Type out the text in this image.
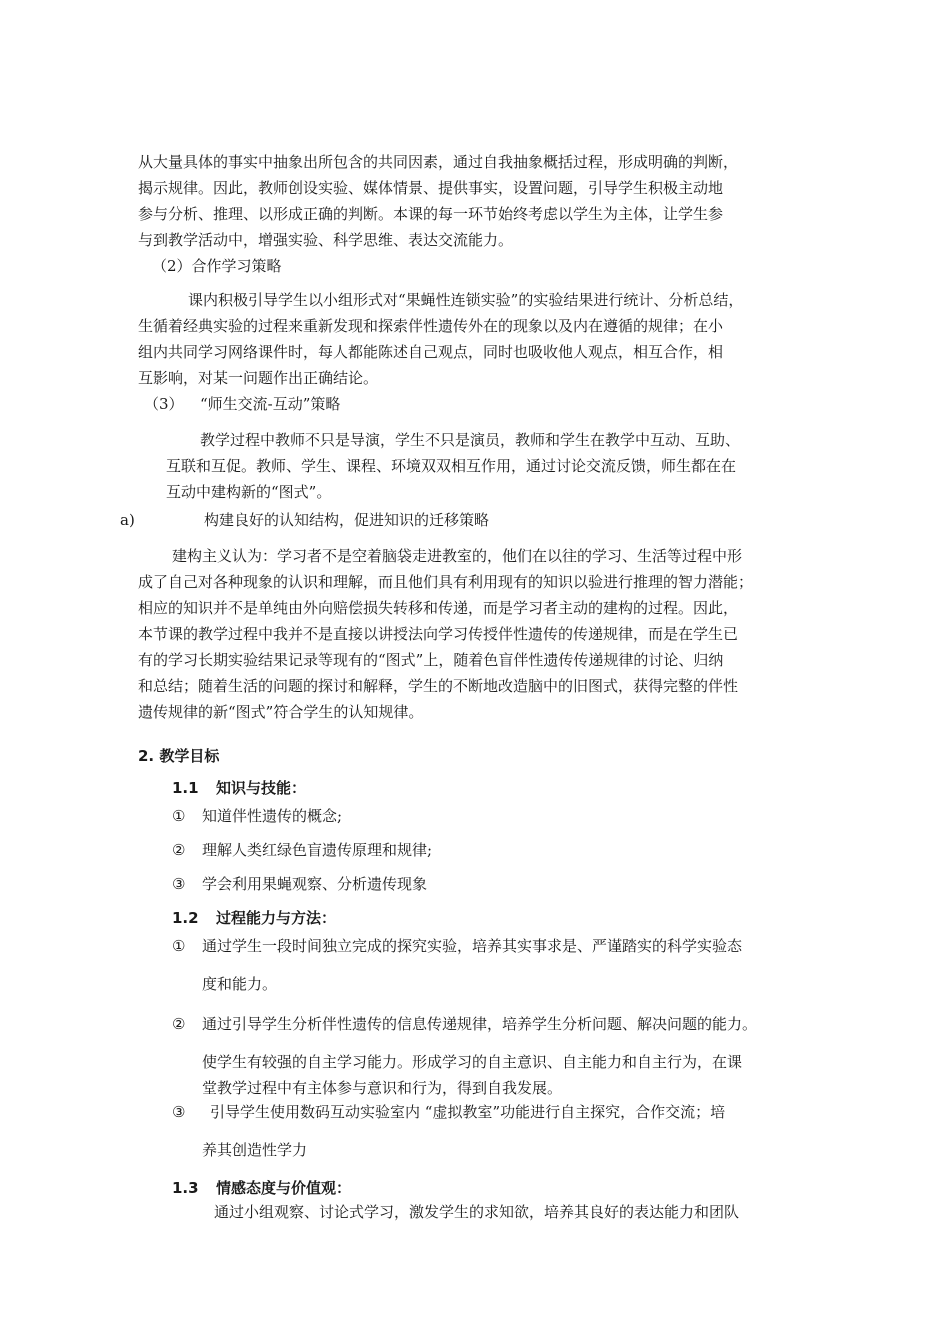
从大量具体的事实中抽象出所包含的共同因素，通过自我抽象概括过程，形成明确的判断，
揭示规律。因此，教师创设实验、媒体情景、提供事实，设置问题，引导学生积极主动地
参与分析、推理、以形成正确的判断。本课的每一环节始终考虑以学生为主体，让学生参
与到教学活动中，增强实验、科学思维、表达交流能力。
（2）合作学习策略
课内积极引导学生以小组形式对“果蝇性连锁实验”的实验结果进行统计、分析总结，
生循着经典实验的过程来重新发现和探索伴性遗传外在的现象以及内在遵循的规律；在小
组内共同学习网络课件时，每人都能陈述自己观点，同时也吸收他人观点，相互合作，相
互影响，对某一问题作出正确结论。
（3） “师生交流-互动”策略
教学过程中教师不只是导演，学生不只是演员，教师和学生在教学中互动、互助、
互联和互促。教师、学生、课程、环境双双相互作用，通过讨论交流反馈，师生都在在
互动中建构新的“图式”。
a)	构建良好的认知结构，促进知识的迁移策略
建构主义认为：学习者不是空着脑袋走进教室的，他们在以往的学习、生活等过程中形
成了自己对各种现象的认识和理解，而且他们具有利用现有的知识以验进行推理的智力潜能；
相应的知识并不是单纯由外向赔偿损失转移和传递，而是学习者主动的建构的过程。因此，
本节课的教学过程中我并不是直接以讲授法向学习传授伴性遗传的传递规律，而是在学生已
有的学习长期实验结果记录等现有的“图式”上，随着色盲伴性遗传传递规律的讨论、归纳
和总结；随着生活的问题的探讨和解释，学生的不断地改造脑中的旧图式，获得完整的伴性
遗传规律的新“图式”符合学生的认知规律。
2. 教学目标
1.1 知识与技能：
① 知道伴性遗传的概念;
② 理解人类红绿色盲遗传原理和规律;
③ 学会利用果蝇观察、分析遗传现象
1.2 过程能力与方法：
① 通过学生一段时间独立完成的探究实验，培养其实事求是、严谨踏实的科学实验态
度和能力。
② 通过引导学生分析伴性遗传的信息传递规律，培养学生分析问题、解决问题的能力。
使学生有较强的自主学习能力。形成学习的自主意识、自主能力和自主行为，在课
堂教学过程中有主体参与意识和行为，得到自我发展。
③ 引导学生使用数码互动实验室内 “虚拟教室”功能进行自主探究，合作交流；培
养其创造性学力
1.3 情感态度与价值观：
通过小组观察、讨论式学习，激发学生的求知欲，培养其良好的表达能力和团队
